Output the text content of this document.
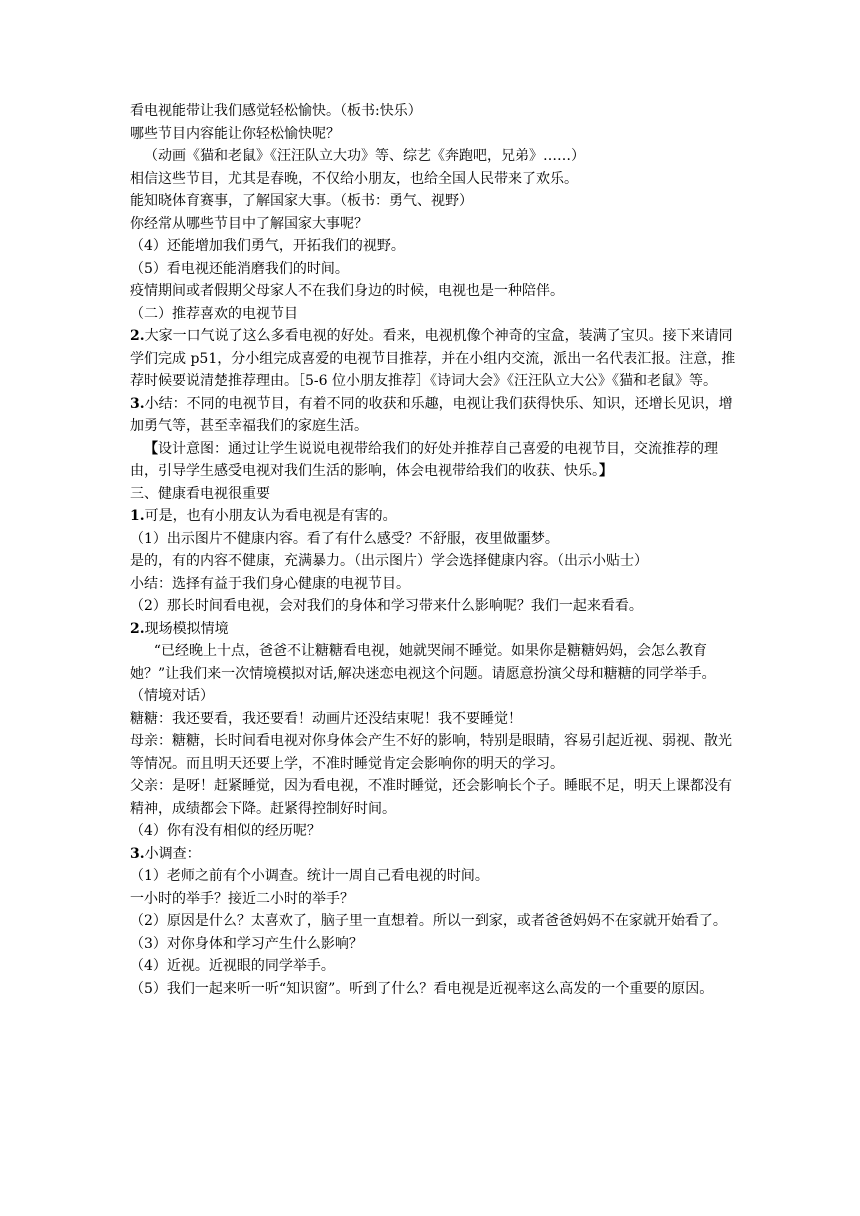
看电视能带让我们感觉轻松愉快。（板书:快乐）

哪些节目内容能让你轻松愉快呢？

（动画《猫和老鼠》《汪汪队立大功》等、综艺《奔跑吧，兄弟》……）

相信这些节目，尤其是春晚，不仅给小朋友，也给全国人民带来了欢乐。

能知晓体育赛事，了解国家大事。（板书：勇气、视野）

你经常从哪些节目中了解国家大事呢？

（4）还能增加我们勇气，开拓我们的视野。

（5）看电视还能消磨我们的时间。

疫情期间或者假期父母家人不在我们身边的时候，电视也是一种陪伴。

（二）推荐喜欢的电视节目

2.大家一口气说了这么多看电视的好处。看来，电视机像个神奇的宝盒，装满了宝贝。接下来请同学们完成 p51，分小组完成喜爱的电视节目推荐，并在小组内交流，派出一名代表汇报。注意，推荐时候要说清楚推荐理由。［5-6 位小朋友推荐］《诗词大会》《汪汪队立大公》《猫和老鼠》等。

3.小结：不同的电视节目，有着不同的收获和乐趣，电视让我们获得快乐、知识，还增长见识，增加勇气等，甚至幸福我们的家庭生活。

【设计意图：通过让学生说说电视带给我们的好处并推荐自己喜爱的电视节目，交流推荐的理由，引导学生感受电视对我们生活的影响，体会电视带给我们的收获、快乐。】

三、健康看电视很重要

1.可是，也有小朋友认为看电视是有害的。

（1）出示图片不健康内容。看了有什么感受？不舒服，夜里做噩梦。

是的，有的内容不健康，充满暴力。（出示图片）学会选择健康内容。（出示小贴士）

小结：选择有益于我们身心健康的电视节目。

（2）那长时间看电视，会对我们的身体和学习带来什么影响呢？我们一起来看看。

2.现场模拟情境

“已经晚上十点，爸爸不让糖糖看电视，她就哭闹不睡觉。如果你是糖糖妈妈，会怎么教育她？”让我们来一次情境模拟对话,解决迷恋电视这个问题。请愿意扮演父母和糖糖的同学举手。

（情境对话）

糖糖：我还要看，我还要看！动画片还没结束呢！我不要睡觉！

母亲：糖糖，长时间看电视对你身体会产生不好的影响，特别是眼睛，容易引起近视、弱视、散光等情况。而且明天还要上学，不准时睡觉肯定会影响你的明天的学习。

父亲：是呀！赶紧睡觉，因为看电视，不准时睡觉，还会影响长个子。睡眠不足，明天上课都没有精神，成绩都会下降。赶紧得控制好时间。

（4）你有没有相似的经历呢？

3.小调查：

（1）老师之前有个小调查。统计一周自己看电视的时间。

一小时的举手？接近二小时的举手？

（2）原因是什么？太喜欢了，脑子里一直想着。所以一到家，或者爸爸妈妈不在家就开始看了。

（3）对你身体和学习产生什么影响？

（4）近视。近视眼的同学举手。

（5）我们一起来听一听“知识窗”。听到了什么？看电视是近视率这么高发的一个重要的原因。
